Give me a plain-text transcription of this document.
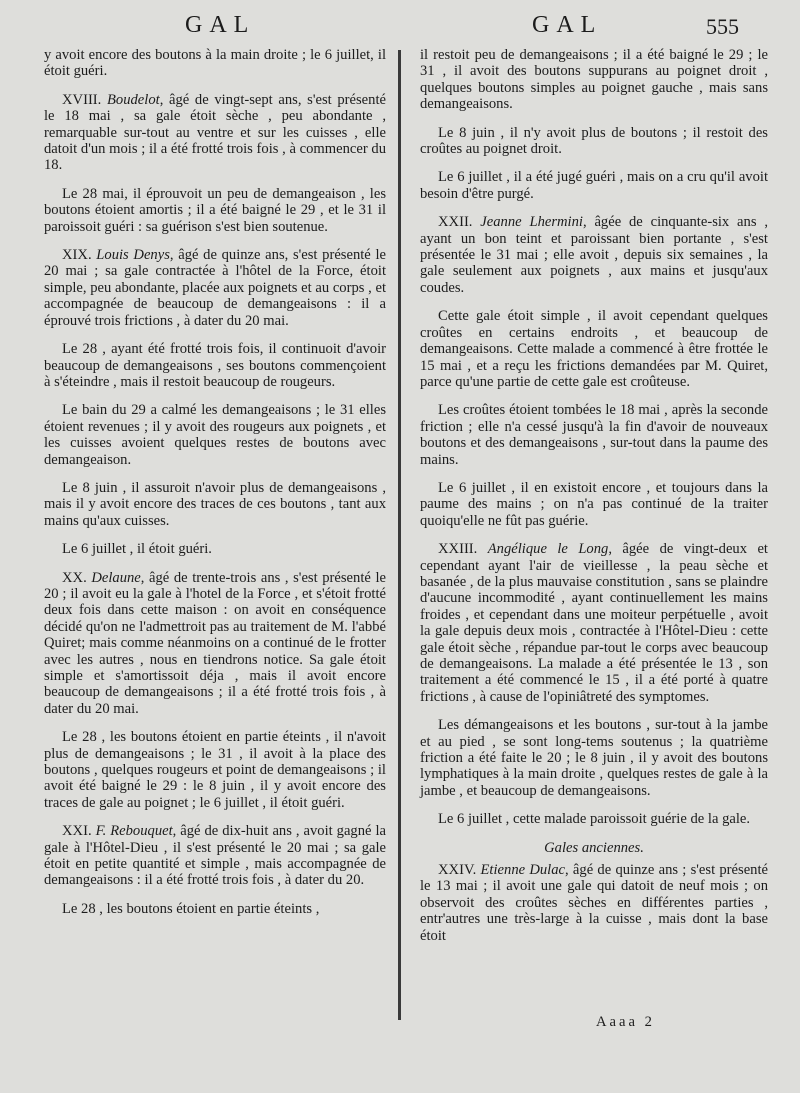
GAL	GAL	555

y avoit encore des boutons à la main droite ; le 6 juillet, il étoit guéri.

XVIII. Boudelot, âgé de vingt-sept ans, s'est présenté le 18 mai , sa gale étoit sèche , peu abondante , remarquable sur-tout au ventre et sur les cuisses , elle datoit d'un mois ; il a été frotté trois fois , à commencer du 18.

Le 28 mai, il éprouvoit un peu de demangeaison , les boutons étoient amortis ; il a été baigné le 29 , et le 31 il paroissoit guéri : sa guérison s'est bien soutenue.

XIX. Louis Denys, âgé de quinze ans, s'est présenté le 20 mai ; sa gale contractée à l'hôtel de la Force, étoit simple, peu abondante, placée aux poignets et au corps , et accompagnée de beaucoup de demangeaisons : il a éprouvé trois frictions , à dater du 20 mai.

Le 28 , ayant été frotté trois fois, il continuoit d'avoir beaucoup de demangeaisons , ses boutons commençoient à s'éteindre , mais il restoit beaucoup de rougeurs.

Le bain du 29 a calmé les demangeaisons ; le 31 elles étoient revenues ; il y avoit des rougeurs aux poignets , et les cuisses avoient quelques restes de boutons avec demangeaison.

Le 8 juin , il assuroit n'avoir plus de demangeaisons , mais il y avoit encore des traces de ces boutons , tant aux mains qu'aux cuisses.

Le 6 juillet , il étoit guéri.

XX. Delaune, âgé de trente-trois ans , s'est présenté le 20 ; il avoit eu la gale à l'hotel de la Force , et s'étoit frotté deux fois dans cette maison : on avoit en conséquence décidé qu'on ne l'admettroit pas au traitement de M. l'abbé Quiret; mais comme néanmoins on a continué de le frotter avec les autres , nous en tiendrons notice. Sa gale étoit simple et s'amortissoit déja , mais il avoit encore beaucoup de demangeaisons ; il a été frotté trois fois , à dater du 20 mai.

Le 28 , les boutons étoient en partie éteints , il n'avoit plus de demangeaisons ; le 31 , il avoit à la place des boutons , quelques rougeurs et point de demangeaisons ; il avoit été baigné le 29 : le 8 juin , il y avoit encore des traces de gale au poignet ; le 6 juillet , il étoit guéri.

XXI. F. Rebouquet, âgé de dix-huit ans , avoit gagné la gale à l'Hôtel-Dieu , il s'est présenté le 20 mai ; sa gale étoit en petite quantité et simple , mais accompagnée de demangeaisons : il a été frotté trois fois , à dater du 20.

Le 28 , les boutons étoient en partie éteints ,

il restoit peu de demangeaisons ; il a été baigné le 29 ; le 31 , il avoit des boutons suppurans au poignet droit , quelques boutons simples au poignet gauche , mais sans demangeaisons.

Le 8 juin , il n'y avoit plus de boutons ; il restoit des croûtes au poignet droit.

Le 6 juillet , il a été jugé guéri , mais on a cru qu'il avoit besoin d'être purgé.

XXII. Jeanne Lhermini, âgée de cinquante-six ans , ayant un bon teint et paroissant bien portante , s'est présentée le 31 mai ; elle avoit , depuis six semaines , la gale seulement aux poignets , aux mains et jusqu'aux coudes.

Cette gale étoit simple , il avoit cependant quelques croûtes en certains endroits , et beaucoup de demangeaisons. Cette malade a commencé à être frottée le 15 mai , et a reçu les frictions demandées par M. Quiret, parce qu'une partie de cette gale est croûteuse.

Les croûtes étoient tombées le 18 mai , après la seconde friction ; elle n'a cessé jusqu'à la fin d'avoir de nouveaux boutons et des demangeaisons , sur-tout dans la paume des mains.

Le 6 juillet , il en existoit encore , et toujours dans la paume des mains ; on n'a pas continué de la traiter quoiqu'elle ne fût pas guérie.

XXIII. Angélique le Long, âgée de vingt-deux et cependant ayant l'air de vieillesse , la peau sèche et basanée , de la plus mauvaise constitution , sans se plaindre d'aucune incommodité , ayant continuellement les mains froides , et cependant dans une moiteur perpétuelle , avoit la gale depuis deux mois , contractée à l'Hôtel-Dieu : cette gale étoit sèche , répandue par-tout le corps avec beaucoup de demangeaisons. La malade a été présentée le 13 , son traitement a été commencé le 15 , il a été porté à quatre frictions , à cause de l'opiniâtreté des symptomes.

Les démangeaisons et les boutons , sur-tout à la jambe et au pied , se sont long-tems soutenus ; la quatrième friction a été faite le 20 ; le 8 juin , il y avoit des boutons lymphatiques à la main droite , quelques restes de gale à la jambe , et beaucoup de demangeaisons.

Le 6 juillet , cette malade paroissoit guérie de la gale.

Gales anciennes.

XXIV. Etienne Dulac, âgé de quinze ans ; s'est présenté le 13 mai ; il avoit une gale qui datoit de neuf mois ; on observoit des croûtes sèches en différentes parties , entr'autres une très-large à la cuisse , mais dont la base étoit

Aaaa 2
